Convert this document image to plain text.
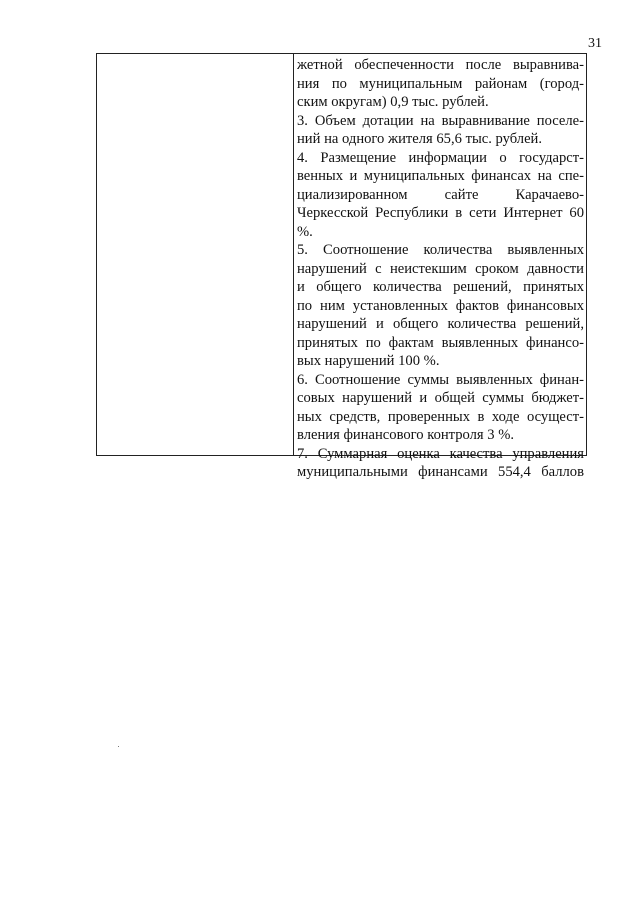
31
жетной обеспеченности после выравнива-
ния по муниципальным районам (город-
ским округам) 0,9 тыс. рублей.
3. Объем дотации на выравнивание поселе-
ний на одного жителя 65,6 тыс. рублей.
4. Размещение информации о государст-
венных и муниципальных финансах на спе-
циализированном сайте Карачаево-
Черкесской Республики в сети Интернет 60
%.
5. Соотношение количества выявленных
нарушений с неистекшим сроком давности
и общего количества решений, принятых
по ним установленных фактов финансовых
нарушений и общего количества решений,
принятых по фактам выявленных финансо-
вых нарушений 100 %.
6. Соотношение суммы выявленных финан-
совых нарушений и общей суммы бюджет-
ных средств, проверенных в ходе осущест-
вления финансового контроля 3 %.
7. Суммарная оценка качества управления
муниципальными финансами 554,4 баллов
